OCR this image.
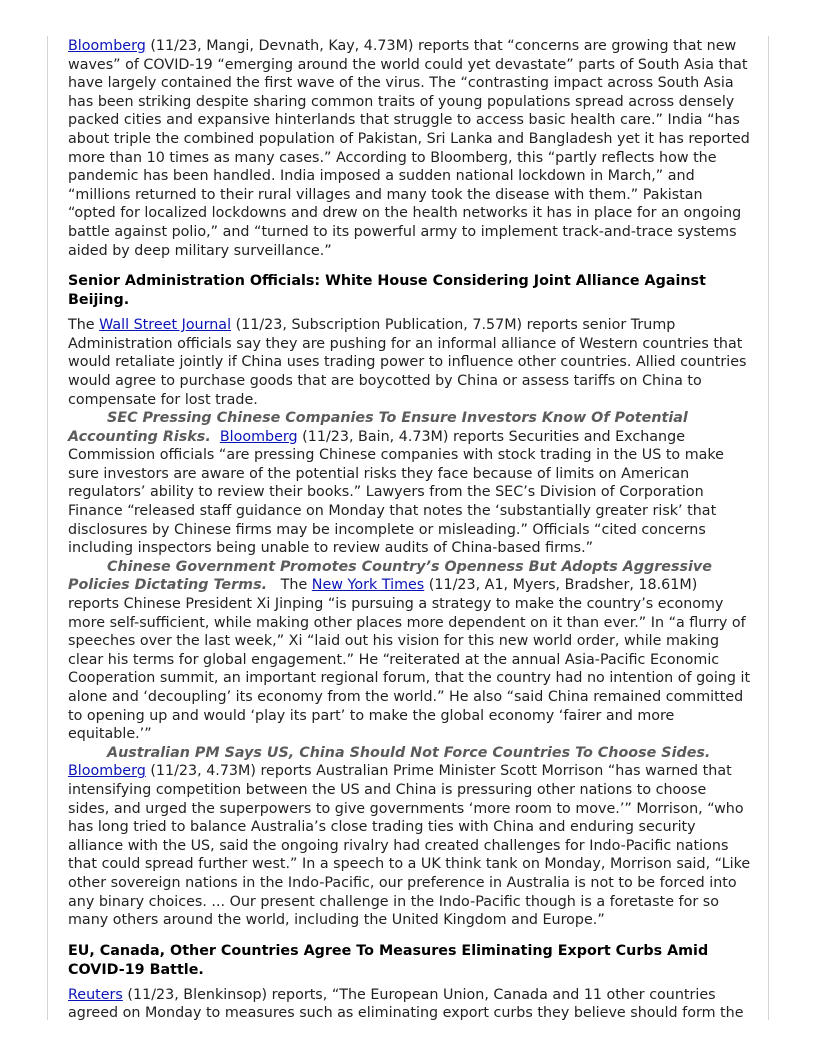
Bloomberg (11/23, Mangi, Devnath, Kay, 4.73M) reports that “concerns are growing that new waves” of COVID-19 “emerging around the world could yet devastate” parts of South Asia that have largely contained the first wave of the virus. The “contrasting impact across South Asia has been striking despite sharing common traits of young populations spread across densely packed cities and expansive hinterlands that struggle to access basic health care.” India “has about triple the combined population of Pakistan, Sri Lanka and Bangladesh yet it has reported more than 10 times as many cases.” According to Bloomberg, this “partly reflects how the pandemic has been handled. India imposed a sudden national lockdown in March,” and “millions returned to their rural villages and many took the disease with them.” Pakistan “opted for localized lockdowns and drew on the health networks it has in place for an ongoing battle against polio,” and “turned to its powerful army to implement track-and-trace systems aided by deep military surveillance.”

Senior Administration Officials: White House Considering Joint Alliance Against Beijing.

The Wall Street Journal (11/23, Subscription Publication, 7.57M) reports senior Trump Administration officials say they are pushing for an informal alliance of Western countries that would retaliate jointly if China uses trading power to influence other countries. Allied countries would agree to purchase goods that are boycotted by China or assess tariffs on China to compensate for lost trade.

SEC Pressing Chinese Companies To Ensure Investors Know Of Potential Accounting Risks. Bloomberg (11/23, Bain, 4.73M) reports Securities and Exchange Commission officials “are pressing Chinese companies with stock trading in the US to make sure investors are aware of the potential risks they face because of limits on American regulators’ ability to review their books.” Lawyers from the SEC’s Division of Corporation Finance “released staff guidance on Monday that notes the ‘substantially greater risk’ that disclosures by Chinese firms may be incomplete or misleading.” Officials “cited concerns including inspectors being unable to review audits of China-based firms.”

Chinese Government Promotes Country’s Openness But Adopts Aggressive Policies Dictating Terms.   The New York Times (11/23, A1, Myers, Bradsher, 18.61M) reports Chinese President Xi Jinping “is pursuing a strategy to make the country’s economy more self-sufficient, while making other places more dependent on it than ever.” In “a flurry of speeches over the last week,” Xi “laid out his vision for this new world order, while making clear his terms for global engagement.” He “reiterated at the annual Asia-Pacific Economic Cooperation summit, an important regional forum, that the country had no intention of going it alone and ‘decoupling’ its economy from the world.” He also “said China remained committed to opening up and would ‘play its part’ to make the global economy ‘fairer and more equitable.’”

Australian PM Says US, China Should Not Force Countries To Choose Sides.
Bloomberg (11/23, 4.73M) reports Australian Prime Minister Scott Morrison “has warned that intensifying competition between the US and China is pressuring other nations to choose sides, and urged the superpowers to give governments ‘more room to move.’” Morrison, “who has long tried to balance Australia’s close trading ties with China and enduring security alliance with the US, said the ongoing rivalry had created challenges for Indo-Pacific nations that could spread further west.” In a speech to a UK think tank on Monday, Morrison said, “Like other sovereign nations in the Indo-Pacific, our preference in Australia is not to be forced into any binary choices. ... Our present challenge in the Indo-Pacific though is a foretaste for so many others around the world, including the United Kingdom and Europe.”

EU, Canada, Other Countries Agree To Measures Eliminating Export Curbs Amid COVID-19 Battle.

Reuters (11/23, Blenkinsop) reports, “The European Union, Canada and 11 other countries agreed on Monday to measures such as eliminating export curbs they believe should form the
